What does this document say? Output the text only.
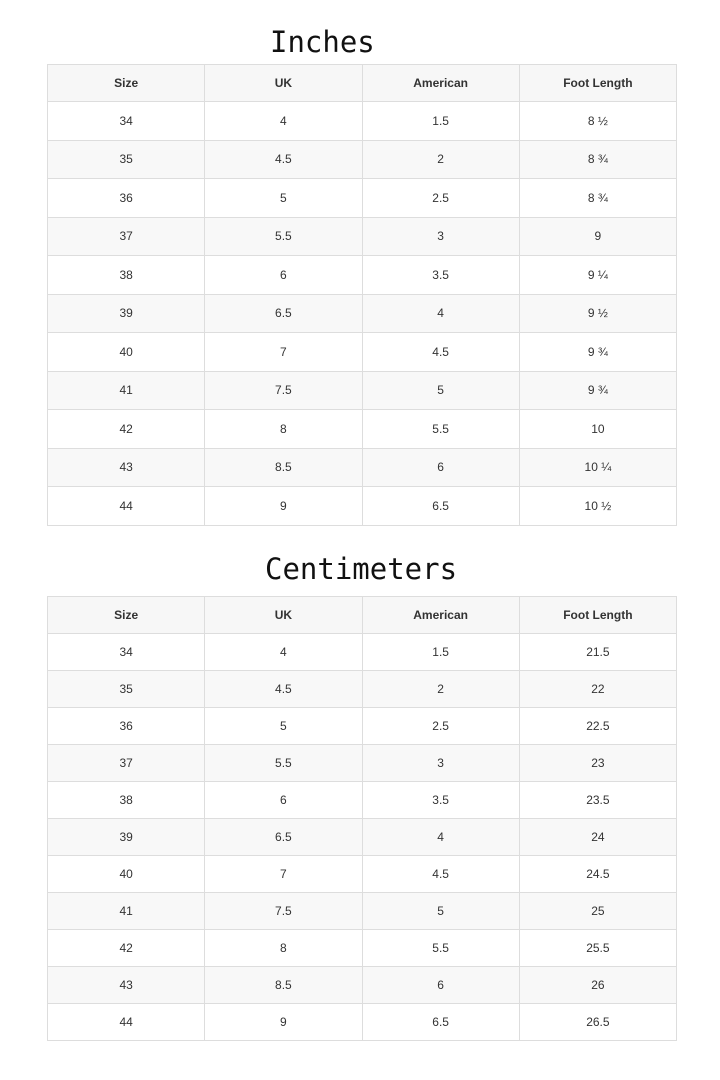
Inches
Size	UK	American	Foot Length
34	4	1.5	8 ½
35	4.5	2	8 ¾
36	5	2.5	8 ¾
37	5.5	3	9
38	6	3.5	9 ¼
39	6.5	4	9 ½
40	7	4.5	9 ¾
41	7.5	5	9 ¾
42	8	5.5	10
43	8.5	6	10 ¼
44	9	6.5	10 ½
Centimeters
Size	UK	American	Foot Length
34	4	1.5	21.5
35	4.5	2	22
36	5	2.5	22.5
37	5.5	3	23
38	6	3.5	23.5
39	6.5	4	24
40	7	4.5	24.5
41	7.5	5	25
42	8	5.5	25.5
43	8.5	6	26
44	9	6.5	26.5
